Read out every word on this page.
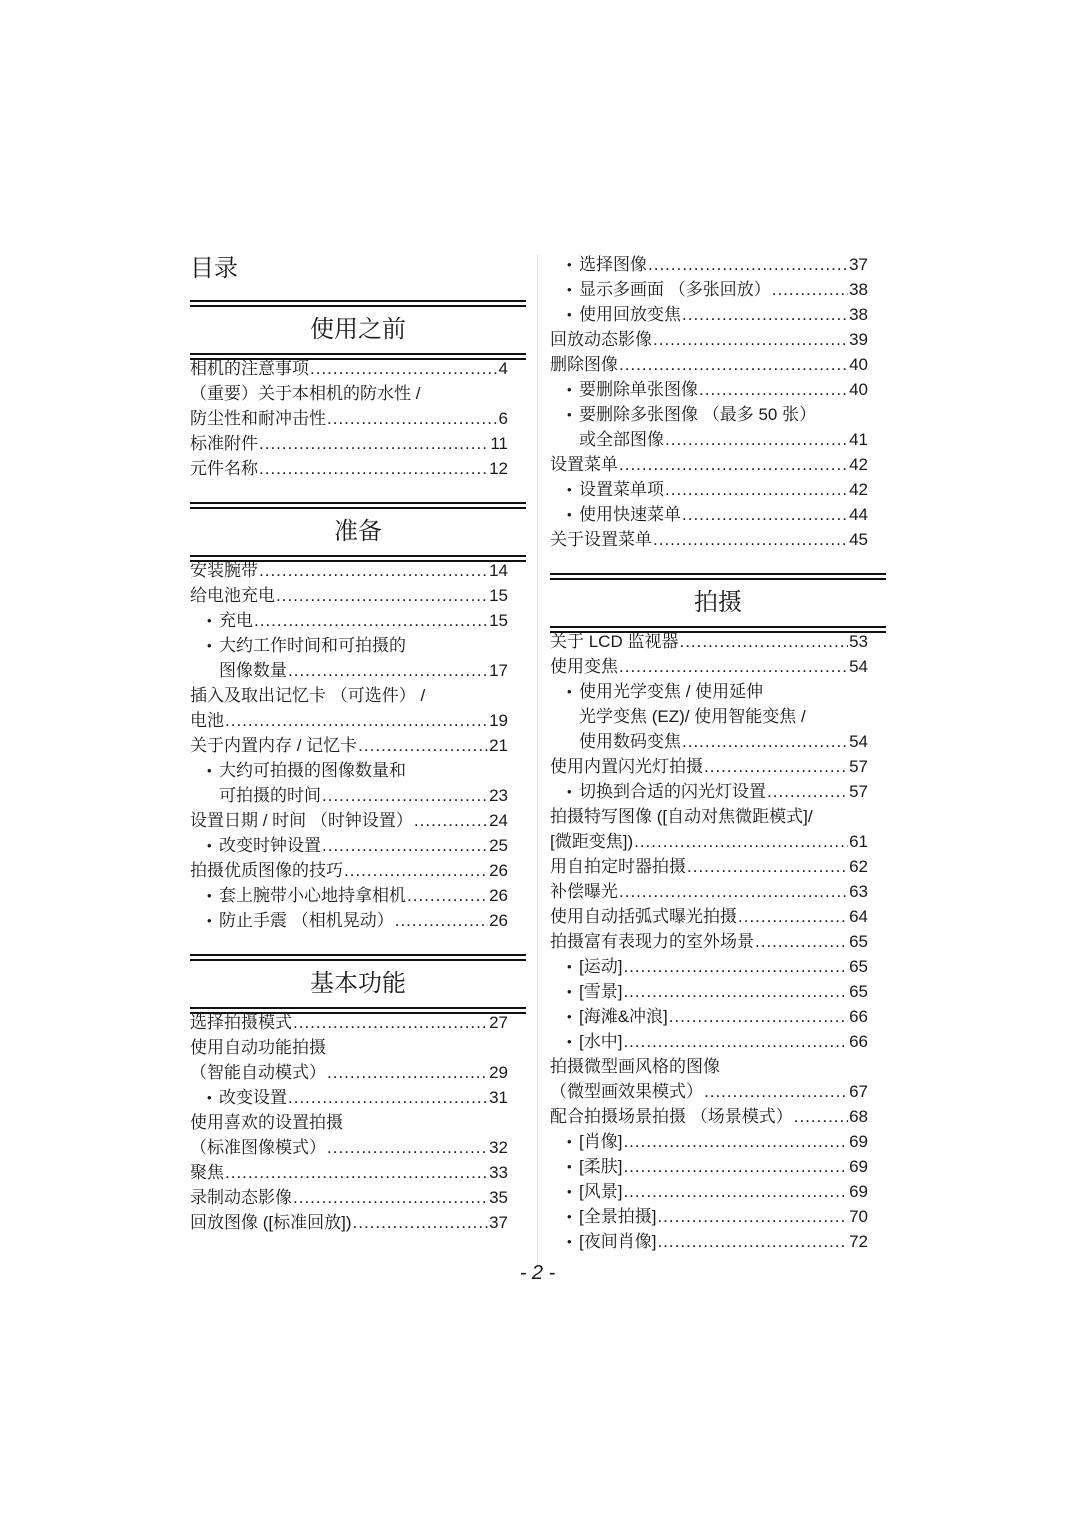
目录
使用之前
相机的注意事项 .....	4
（重要）关于本相机的防水性 /
防尘性和耐冲击性 .....	6
标准附件 .....	11
元件名称 .....	12
准备
安装腕带 .....	14
给电池充电 .....	15
• 充电 .....	15
• 大约工作时间和可拍摄的
图像数量 .....	17
插入及取出记忆卡 （可选件） /
电池 .....	19
关于内置内存 / 记忆卡 .....	21
• 大约可拍摄的图像数量和
可拍摄的时间 .....	23
设置日期 / 时间 （时钟设置） .....	24
• 改变时钟设置 .....	25
拍摄优质图像的技巧 .....	26
• 套上腕带小心地持拿相机 .....	26
• 防止手震 （相机晃动） .....	26
基本功能
选择拍摄模式 .....	27
使用自动功能拍摄
（智能自动模式） .....	29
• 改变设置 .....	31
使用喜欢的设置拍摄
（标准图像模式） .....	32
聚焦 .....	33
录制动态影像 .....	35
回放图像 ([标准回放]) .....	37
• 选择图像 .....	37
• 显示多画面 （多张回放） .....	38
• 使用回放变焦 .....	38
回放动态影像 .....	39
删除图像 .....	40
• 要删除单张图像 .....	40
• 要删除多张图像 （最多 50 张）
或全部图像 .....	41
设置菜单 .....	42
• 设置菜单项 .....	42
• 使用快速菜单 .....	44
关于设置菜单 .....	45
拍摄
关于 LCD 监视器 .....	53
使用变焦 .....	54
• 使用光学变焦 / 使用延伸
光学变焦 (EZ)/ 使用智能变焦 /
使用数码变焦 .....	54
使用内置闪光灯拍摄 .....	57
• 切换到合适的闪光灯设置 .....	57
拍摄特写图像 ([自动对焦微距模式]/
[微距变焦]) .....	61
用自拍定时器拍摄 .....	62
补偿曝光 .....	63
使用自动括弧式曝光拍摄 .....	64
拍摄富有表现力的室外场景 .....	65
• [运动] .....	65
• [雪景] .....	65
• [海滩&冲浪] .....	66
• [水中] .....	66
拍摄微型画风格的图像
（微型画效果模式） .....	67
配合拍摄场景拍摄 （场景模式） .....	68
• [肖像] .....	69
• [柔肤] .....	69
• [风景] .....	69
• [全景拍摄] .....	70
• [夜间肖像] .....	72
- 2 -
